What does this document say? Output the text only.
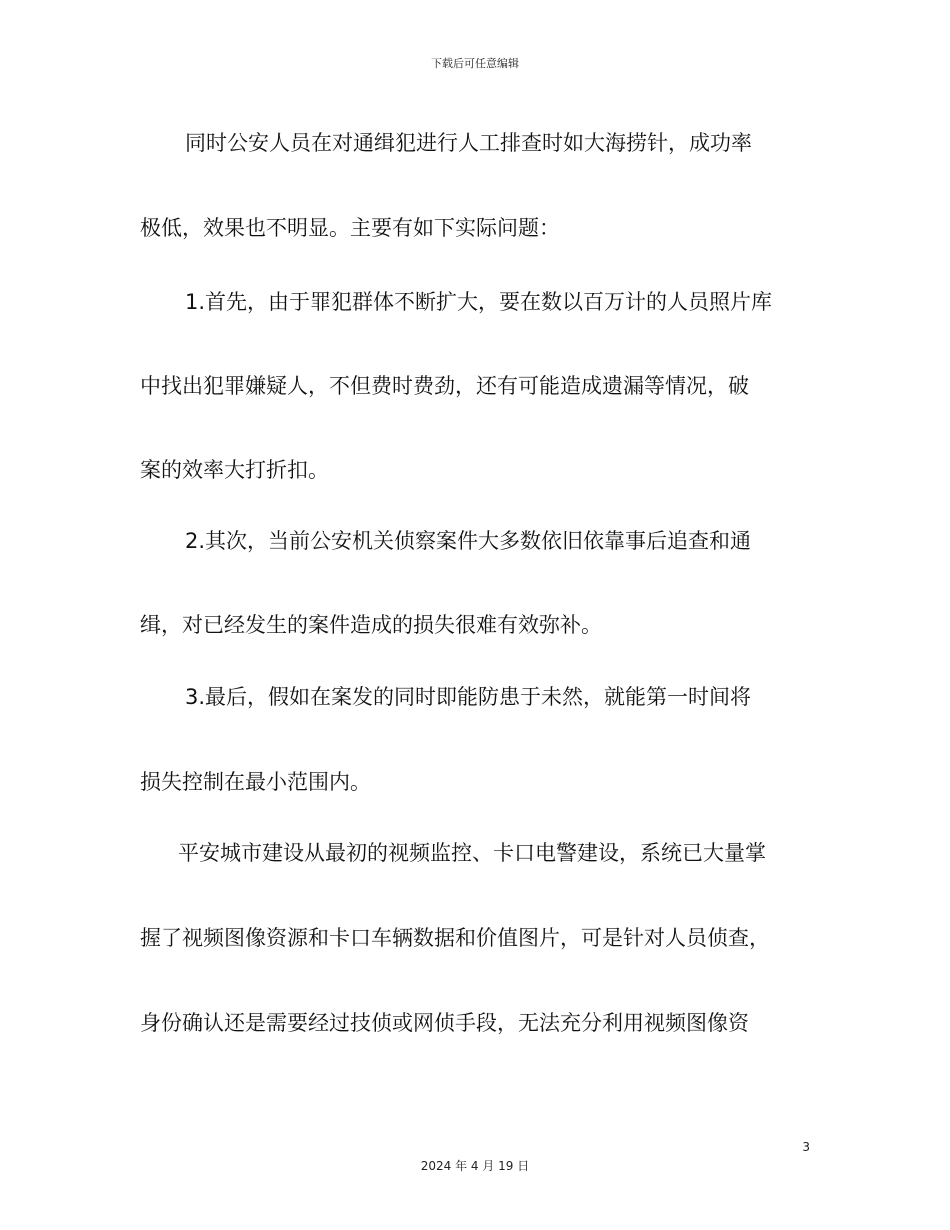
下载后可任意编辑
同时公安人员在对通缉犯进行人工排查时如大海捞针，成功率
极低，效果也不明显。主要有如下实际问题：
1.首先，由于罪犯群体不断扩大，要在数以百万计的人员照片库
中找出犯罪嫌疑人，不但费时费劲，还有可能造成遗漏等情况，破
案的效率大打折扣。
2.其次，当前公安机关侦察案件大多数依旧依靠事后追查和通
缉，对已经发生的案件造成的损失很难有效弥补。
3.最后，假如在案发的同时即能防患于未然，就能第一时间将
损失控制在最小范围内。
平安城市建设从最初的视频监控、卡口电警建设，系统已大量掌
握了视频图像资源和卡口车辆数据和价值图片，可是针对人员侦查，
身份确认还是需要经过技侦或网侦手段，无法充分利用视频图像资
3
2024 年 4 月 19 日
